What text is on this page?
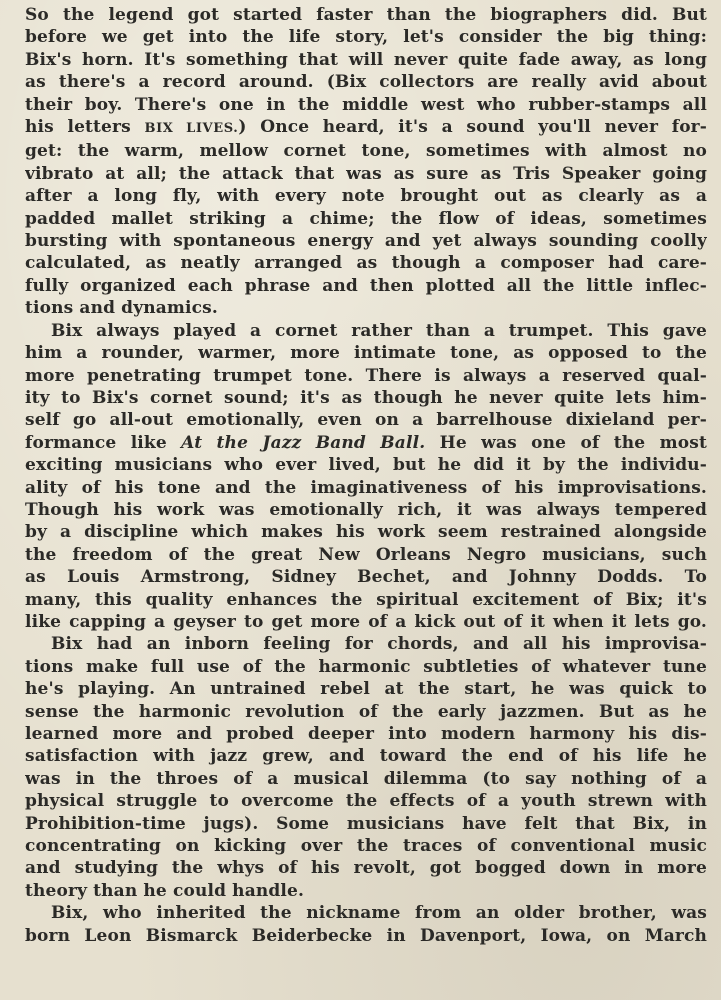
So the legend got started faster than the biographers did. But
before we get into the life story, let's consider the big thing:
Bix's horn. It's something that will never quite fade away, as long
as there's a record around. (Bix collectors are really avid about
their boy. There's one in the middle west who rubber-stamps all
his letters BIX LIVES.) Once heard, it's a sound you'll never for-
get: the warm, mellow cornet tone, sometimes with almost no
vibrato at all; the attack that was as sure as Tris Speaker going
after a long fly, with every note brought out as clearly as a
padded mallet striking a chime; the flow of ideas, sometimes
bursting with spontaneous energy and yet always sounding coolly
calculated, as neatly arranged as though a composer had care-
fully organized each phrase and then plotted all the little inflec-
tions and dynamics.

Bix always played a cornet rather than a trumpet. This gave
him a rounder, warmer, more intimate tone, as opposed to the
more penetrating trumpet tone. There is always a reserved qual-
ity to Bix's cornet sound; it's as though he never quite lets him-
self go all-out emotionally, even on a barrelhouse dixieland per-
formance like At the Jazz Band Ball. He was one of the most
exciting musicians who ever lived, but he did it by the individu-
ality of his tone and the imaginativeness of his improvisations.
Though his work was emotionally rich, it was always tempered
by a discipline which makes his work seem restrained alongside
the freedom of the great New Orleans Negro musicians, such
as Louis Armstrong, Sidney Bechet, and Johnny Dodds. To
many, this quality enhances the spiritual excitement of Bix; it's
like capping a geyser to get more of a kick out of it when it lets go.

Bix had an inborn feeling for chords, and all his improvisa-
tions make full use of the harmonic subtleties of whatever tune
he's playing. An untrained rebel at the start, he was quick to
sense the harmonic revolution of the early jazzmen. But as he
learned more and probed deeper into modern harmony his dis-
satisfaction with jazz grew, and toward the end of his life he
was in the throes of a musical dilemma (to say nothing of a
physical struggle to overcome the effects of a youth strewn with
Prohibition-time jugs). Some musicians have felt that Bix, in
concentrating on kicking over the traces of conventional music
and studying the whys of his revolt, got bogged down in more
theory than he could handle.

Bix, who inherited the nickname from an older brother, was
born Leon Bismarck Beiderbecke in Davenport, Iowa, on March
